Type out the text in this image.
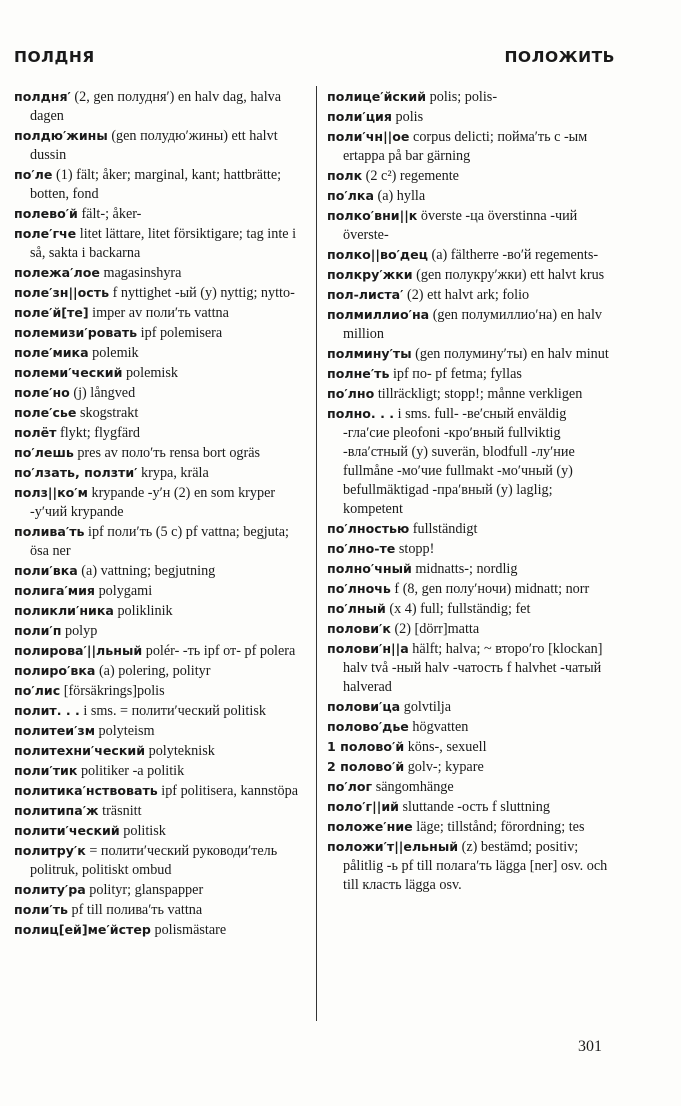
ПОЛДНЯ	ПОЛОЖИТЬ

полдня′ (2, gen полудня′) en halv dag, halva dagen

полдю′жины (gen полудю′жины) ett halvt dussin

по′ле (1) fält; åker; marginal, kant; hattbrätte; botten, fond

полево′й fält-; åker-

поле′гче litet lättare, litet försiktigare; tag inte i så, sakta i backarna

полежа′лое magasinshyra

поле′зн||ость f nyttighet -ый (y) nyttig; nytto-

поле′й[те] imper av поли′ть vattna

полемизи′ровать ipf polemisera

поле′мика polemik

полеми′ческий polemisk

поле′но (j) långved

поле′сье skogstrakt

полёт flykt; flygfärd

по′лешь pres av поло′ть rensa bort ogräs

по′лзать, ползти′ krypa, kräla

полз||ко′м krypande -у′н (2) en som kryper -у′чий krypande

полива′ть ipf поли′ть (5 c) pf vattna; begjuta; ösa ner

поли′вка (a) vattning; begjutning

полига′мия polygami

поликли′ника poliklinik

поли′п polyp

полирова′||льный polér- -ть ipf от- pf polera

полиро′вка (a) polering, polityr

по′лис [försäkrings]polis

полит. . . i sms. = полити′ческий politisk

политеи′зм polyteism

политехни′ческий polyteknisk

поли′тик politiker -а politik

политика′нствовать ipf politisera, kannstöpa

политипа′ж träsnitt

полити′ческий politisk

политру′к = полити′ческий руководи′тель politruk, politiskt ombud

политу′ра polityr; glanspapper

поли′ть pf till полива′ть vattna

полиц[ей]ме′йстер polismästare

полице′йский polis; polis-

поли′ция polis

поли′чн||ое corpus delicti; пойма′ть с -ым ertappa på bar gärning

полк (2 c²) regemente

по′лка (a) hylla

полко′вни||к överste -ца överstinna -чий överste-

полко||во′дец (a) fältherre -во′й regements-

полкру′жки (gen полукру′жки) ett halvt krus

пол-листа′ (2) ett halvt ark; folio

полмиллио′на (gen полумиллио′на) en halv million

полмину′ты (gen полумину′ты) en halv minut

полне′ть ipf по- pf fetma; fyllas

по′лно tillräckligt; stopp!; månne verkligen

полно. . . i sms. full- -ве′сный enväldig -гла′сие pleofoni -кро′вный fullviktig -вла′стный (y) suverän, blodfull -лу′ние fullmåne -мо′чие fullmakt -мо′чный (y) befullmäktigad -пра′вный (y) laglig; kompetent

по′лностью fullständigt

по′лно-те stopp!

полно′чный midnatts-; nordlig

по′лночь f (8, gen полу′ночи) midnatt; norr

по′лный (x 4) full; fullständig; fet

полови′к (2) [dörr]matta

полови′н||а hälft; halva; ~ второ′го [klockan] halv två -ный halv -чатость f halvhet -чатый halverad

полови′ца golvtilja

полово′дье högvatten

1 полово′й köns-, sexuell

2 полово′й golv-; kypare

по′лог sängomhänge

поло′г||ий sluttande -ость f sluttning

положе′ние läge; tillstånd; förordning; tes

положи′т||ельный (z) bestämd; positiv; pålitlig -ь pf till полага′ть lägga [ner] osv. och till класть lägga osv.

301
